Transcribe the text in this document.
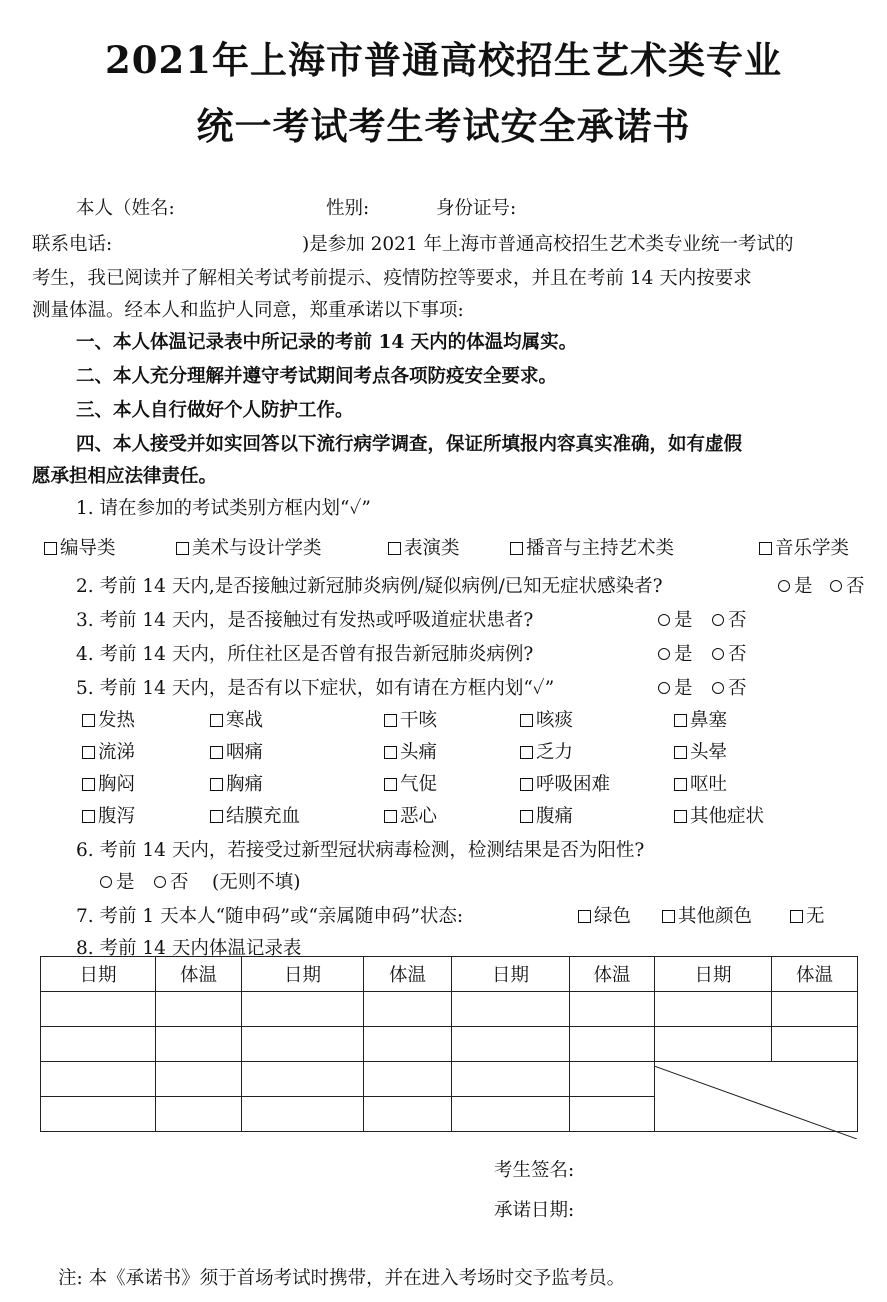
2021年上海市普通高校招生艺术类专业
统一考试考生考试安全承诺书
本人（姓名:	性别:	身份证号:
联系电话:	)是参加 2021 年上海市普通高校招生艺术类专业统一考试的
考生，我已阅读并了解相关考试考前提示、疫情防控等要求，并且在考前 14 天内按要求
测量体温。经本人和监护人同意，郑重承诺以下事项:
一、本人体温记录表中所记录的考前 14 天内的体温均属实。
二、本人充分理解并遵守考试期间考点各项防疫安全要求。
三、本人自行做好个人防护工作。
四、本人接受并如实回答以下流行病学调查，保证所填报内容真实准确，如有虚假
愿承担相应法律责任。
1. 请在参加的考试类别方框内划“✓”
编导类	美术与设计学类	表演类	播音与主持艺术类	音乐学类
2. 考前 14 天内,是否接触过新冠肺炎病例/疑似病例/已知无症状感染者?	是	否
3. 考前 14 天内，是否接触过有发热或呼吸道症状患者?	是	否
4. 考前 14 天内，所住社区是否曾有报告新冠肺炎病例?	是	否
5. 考前 14 天内，是否有以下症状，如有请在方框内划“✓”	是	否
发热	寒战	干咳	咳痰	鼻塞
流涕	咽痛	头痛	乏力	头晕
胸闷	胸痛	气促	呼吸困难	呕吐
腹泻	结膜充血	恶心	腹痛	其他症状
6. 考前 14 天内，若接受过新型冠状病毒检测，检测结果是否为阳性?
是	否 (无则不填)
7. 考前 1 天本人“随申码”或“亲属随申码”状态:	绿色	其他颜色	无
8. 考前 14 天内体温记录表
日期	体温	日期	体温	日期	体温	日期	体温

考生签名:
承诺日期:
注: 本《承诺书》须于首场考试时携带，并在进入考场时交予监考员。
